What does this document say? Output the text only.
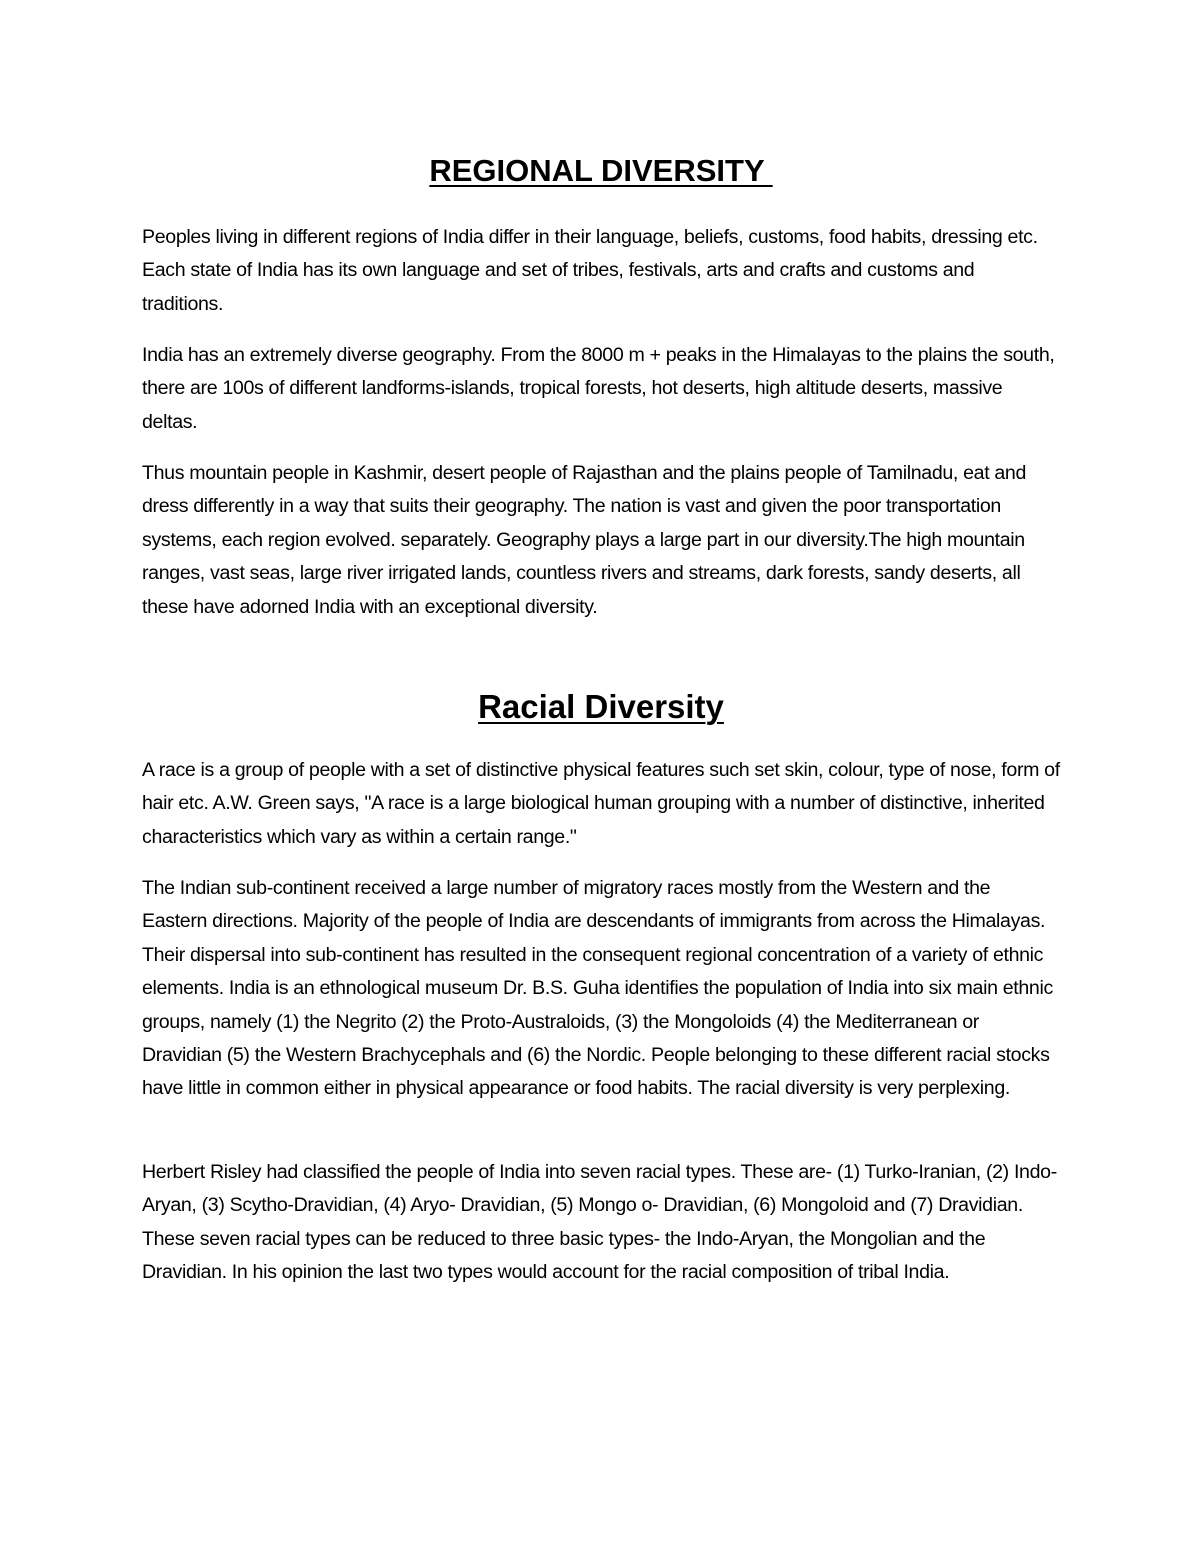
REGIONAL DIVERSITY

Peoples living in different regions of India differ in their language, beliefs, customs, food habits, dressing etc. Each state of India has its own language and set of tribes, festivals, arts and crafts and customs and traditions.

India has an extremely diverse geography. From the 8000 m + peaks in the Himalayas to the plains the south, there are 100s of different landforms-islands, tropical forests, hot deserts, high altitude deserts, massive deltas.

Thus mountain people in Kashmir, desert people of Rajasthan and the plains people of Tamilnadu, eat and dress differently in a way that suits their geography. The nation is vast and given the poor transportation systems, each region evolved. separately. Geography plays a large part in our diversity.The high mountain ranges, vast seas, large river irrigated lands, countless rivers and streams, dark forests, sandy deserts, all these have adorned India with an exceptional diversity.

Racial Diversity

A race is a group of people with a set of distinctive physical features such set skin, colour, type of nose, form of hair etc. A.W. Green says, "A race is a large biological human grouping with a number of distinctive, inherited characteristics which vary as within a certain range."

The Indian sub-continent received a large number of migratory races mostly from the Western and the Eastern directions. Majority of the people of India are descendants of immigrants from across the Himalayas. Their dispersal into sub-continent has resulted in the consequent regional concentration of a variety of ethnic elements. India is an ethnological museum Dr. B.S. Guha identifies the population of India into six main ethnic groups, namely (1) the Negrito (2) the Proto-Australoids, (3) the Mongoloids (4) the Mediterranean or Dravidian (5) the Western Brachycephals and (6) the Nordic. People belonging to these different racial stocks have little in common either in physical appearance or food habits. The racial diversity is very perplexing.

Herbert Risley had classified the people of India into seven racial types. These are- (1) Turko-Iranian, (2) Indo-Aryan, (3) Scytho-Dravidian, (4) Aryo- Dravidian, (5) Mongo o- Dravidian, (6) Mongoloid and (7) Dravidian. These seven racial types can be reduced to three basic types- the Indo-Aryan, the Mongolian and the Dravidian. In his opinion the last two types would account for the racial composition of tribal India.
